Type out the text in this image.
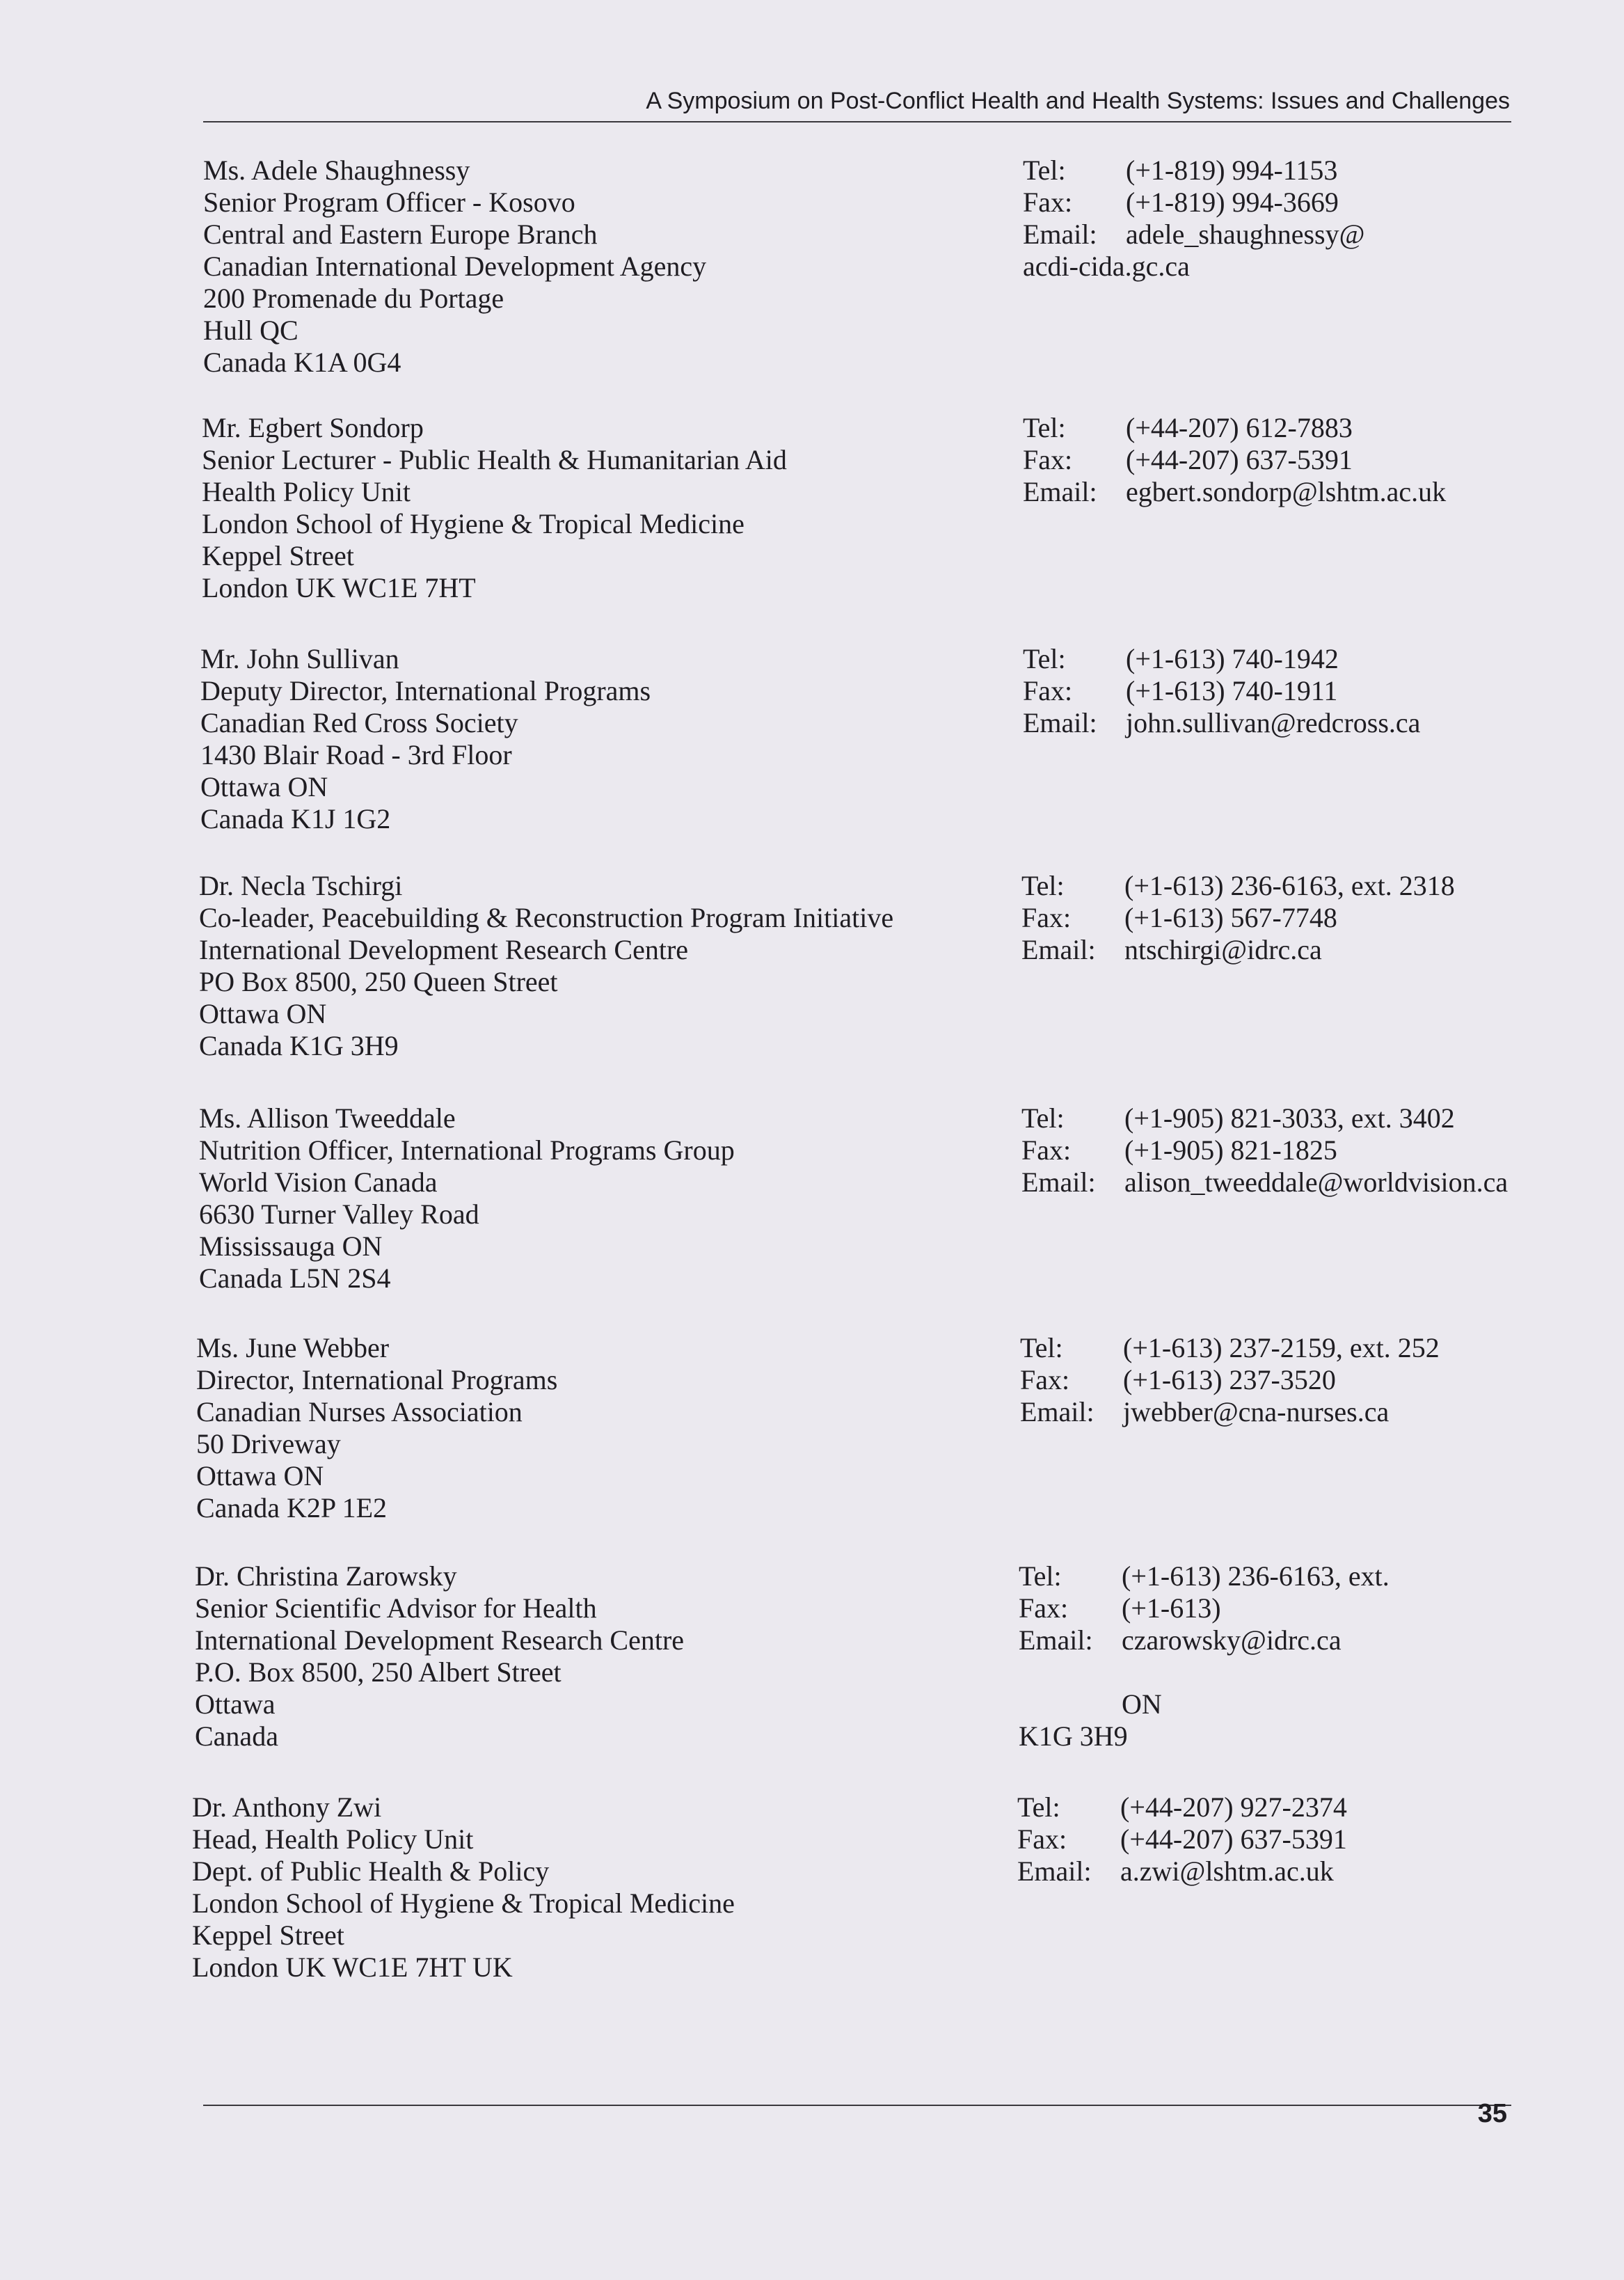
A Symposium on Post-Conflict Health and Health Systems: Issues and Challenges
Ms. Adele Shaughnessy
Senior Program Officer - Kosovo
Central and Eastern Europe Branch
Canadian International Development Agency
200 Promenade du Portage
Hull QC
Canada K1A 0G4
Tel: (+1-819) 994-1153
Fax: (+1-819) 994-3669
Email: adele_shaughnessy@
acdi-cida.gc.ca
Mr. Egbert Sondorp
Senior Lecturer - Public Health & Humanitarian Aid
Health Policy Unit
London School of Hygiene & Tropical Medicine
Keppel Street
London UK WC1E 7HT
Tel: (+44-207) 612-7883
Fax: (+44-207) 637-5391
Email: egbert.sondorp@lshtm.ac.uk
Mr. John Sullivan
Deputy Director, International Programs
Canadian Red Cross Society
1430 Blair Road - 3rd Floor
Ottawa ON
Canada K1J 1G2
Tel: (+1-613) 740-1942
Fax: (+1-613) 740-1911
Email: john.sullivan@redcross.ca
Dr. Necla Tschirgi
Co-leader, Peacebuilding & Reconstruction Program Initiative
International Development Research Centre
PO Box 8500, 250 Queen Street
Ottawa ON
Canada K1G 3H9
Tel: (+1-613) 236-6163, ext. 2318
Fax: (+1-613) 567-7748
Email: ntschirgi@idrc.ca
Ms. Allison Tweeddale
Nutrition Officer, International Programs Group
World Vision Canada
6630 Turner Valley Road
Mississauga ON
Canada L5N 2S4
Tel: (+1-905) 821-3033, ext. 3402
Fax: (+1-905) 821-1825
Email: alison_tweeddale@worldvision.ca
Ms. June Webber
Director, International Programs
Canadian Nurses Association
50 Driveway
Ottawa ON
Canada K2P 1E2
Tel: (+1-613) 237-2159, ext. 252
Fax: (+1-613) 237-3520
Email: jwebber@cna-nurses.ca
Dr. Christina Zarowsky
Senior Scientific Advisor for Health
International Development Research Centre
P.O. Box 8500, 250 Albert Street
Ottawa
Canada
Tel: (+1-613) 236-6163, ext.
Fax: (+1-613)
Email: czarowsky@idrc.ca
ON
K1G 3H9
Dr. Anthony Zwi
Head, Health Policy Unit
Dept. of Public Health & Policy
London School of Hygiene & Tropical Medicine
Keppel Street
London UK WC1E 7HT UK
Tel: (+44-207) 927-2374
Fax: (+44-207) 637-5391
Email: a.zwi@lshtm.ac.uk
35
